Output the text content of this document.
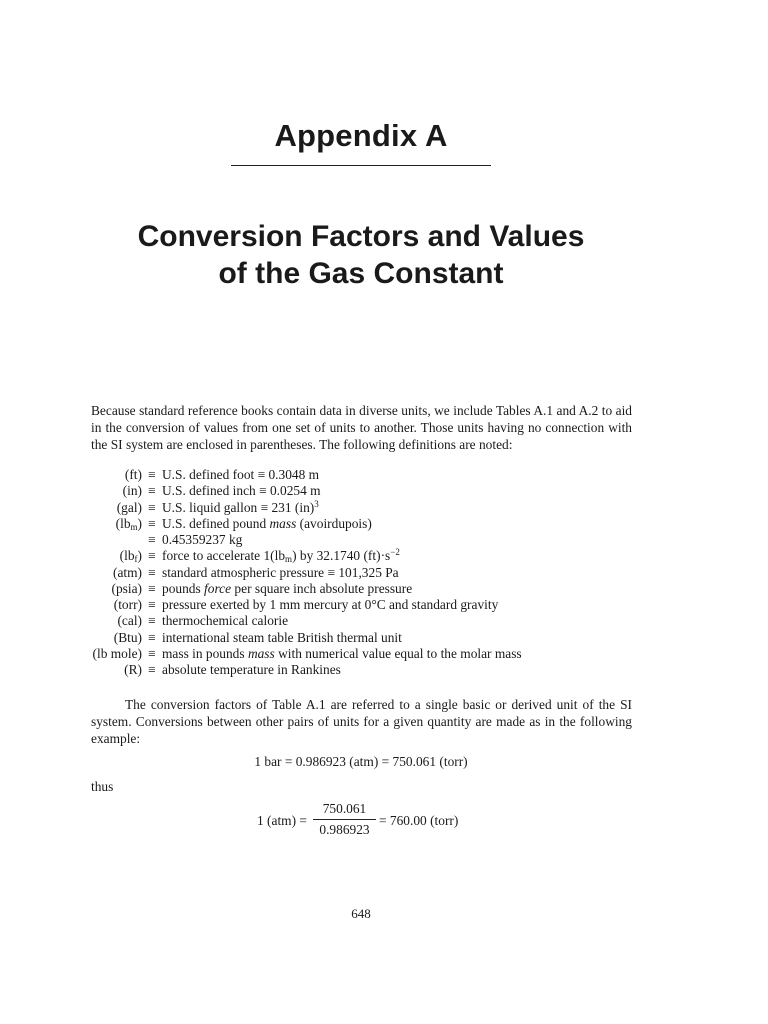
Appendix A
Conversion Factors and Values
of the Gas Constant

Because standard reference books contain data in diverse units, we include Tables A.1 and A.2 to aid in the conversion of values from one set of units to another. Those units having no connection with the SI system are enclosed in parentheses. The following definitions are noted:

(ft) ≡ U.S. defined foot ≡ 0.3048 m
(in) ≡ U.S. defined inch ≡ 0.0254 m
(gal) ≡ U.S. liquid gallon ≡ 231 (in)$^3$
$(lb_m) \equiv U.S$. defined pound mass (avoirdupois)
≡ 0.45359237 kg
$(lb_f)$ ≡ force to accelerate $1(lb_m)$ by 32.1740 $(ft)\cdot s^{-2}$
(atm) ≡ standard atmospheric pressure ≡ 101,325 Pa
(psia) ≡ pounds force per square inch absolute pressure
(torr) ≡ pressure exerted by 1 mm mercury at 0°C and standard gravity
(cal) ≡ thermochemical calorie
(Btu) ≡ international steam table British thermal unit
(lb mole) ≡ mass in pounds mass with numerical value equal to the molar mass
(R) ≡ absolute temperature in Rankines

The conversion factors of Table A.1 are referred to a single basic or derived unit of the SI system. Conversions between other pairs of units for a given quantity are made as in the following example:

1 bar = 0.986923 (atm) = 750.061 (torr)
thus
1 (atm) =
750.061
0.986923
= 760.00 (torr)
648
